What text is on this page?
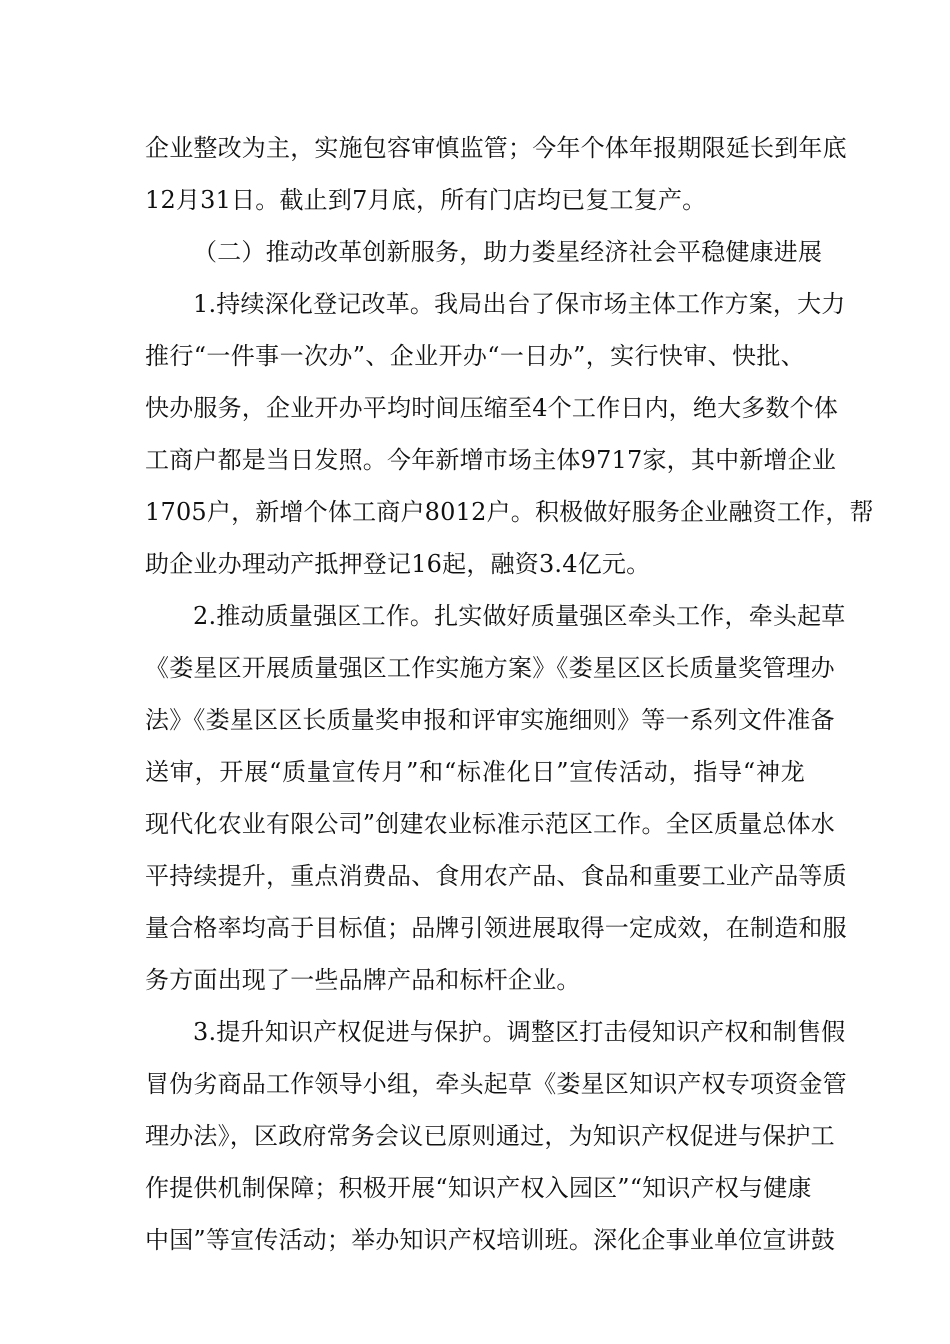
企业整改为主，实施包容审慎监管；今年个体年报期限延长到年底
12月31日。截止到7月底，所有门店均已复工复产。
（二）推动改革创新服务，助力娄星经济社会平稳健康进展
1.持续深化登记改革。我局出台了保市场主体工作方案，大力
推行“一件事一次办”、企业开办“一日办”，实行快审、快批、
快办服务，企业开办平均时间压缩至4个工作日内，绝大多数个体
工商户都是当日发照。今年新增市场主体9717家，其中新增企业
1705户，新增个体工商户8012户。积极做好服务企业融资工作，帮
助企业办理动产抵押登记16起，融资3.4亿元。
2.推动质量强区工作。扎实做好质量强区牵头工作，牵头起草
《娄星区开展质量强区工作实施方案》《娄星区区长质量奖管理办
法》《娄星区区长质量奖申报和评审实施细则》等一系列文件准备
送审，开展“质量宣传月”和“标准化日”宣传活动，指导“神龙
现代化农业有限公司”创建农业标准示范区工作。全区质量总体水
平持续提升，重点消费品、食用农产品、食品和重要工业产品等质
量合格率均高于目标值；品牌引领进展取得一定成效，在制造和服
务方面出现了一些品牌产品和标杆企业。
3.提升知识产权促进与保护。调整区打击侵知识产权和制售假
冒伪劣商品工作领导小组，牵头起草《娄星区知识产权专项资金管
理办法》，区政府常务会议已原则通过，为知识产权促进与保护工
作提供机制保障；积极开展“知识产权入园区”“知识产权与健康
中国”等宣传活动；举办知识产权培训班。深化企事业单位宣讲鼓
